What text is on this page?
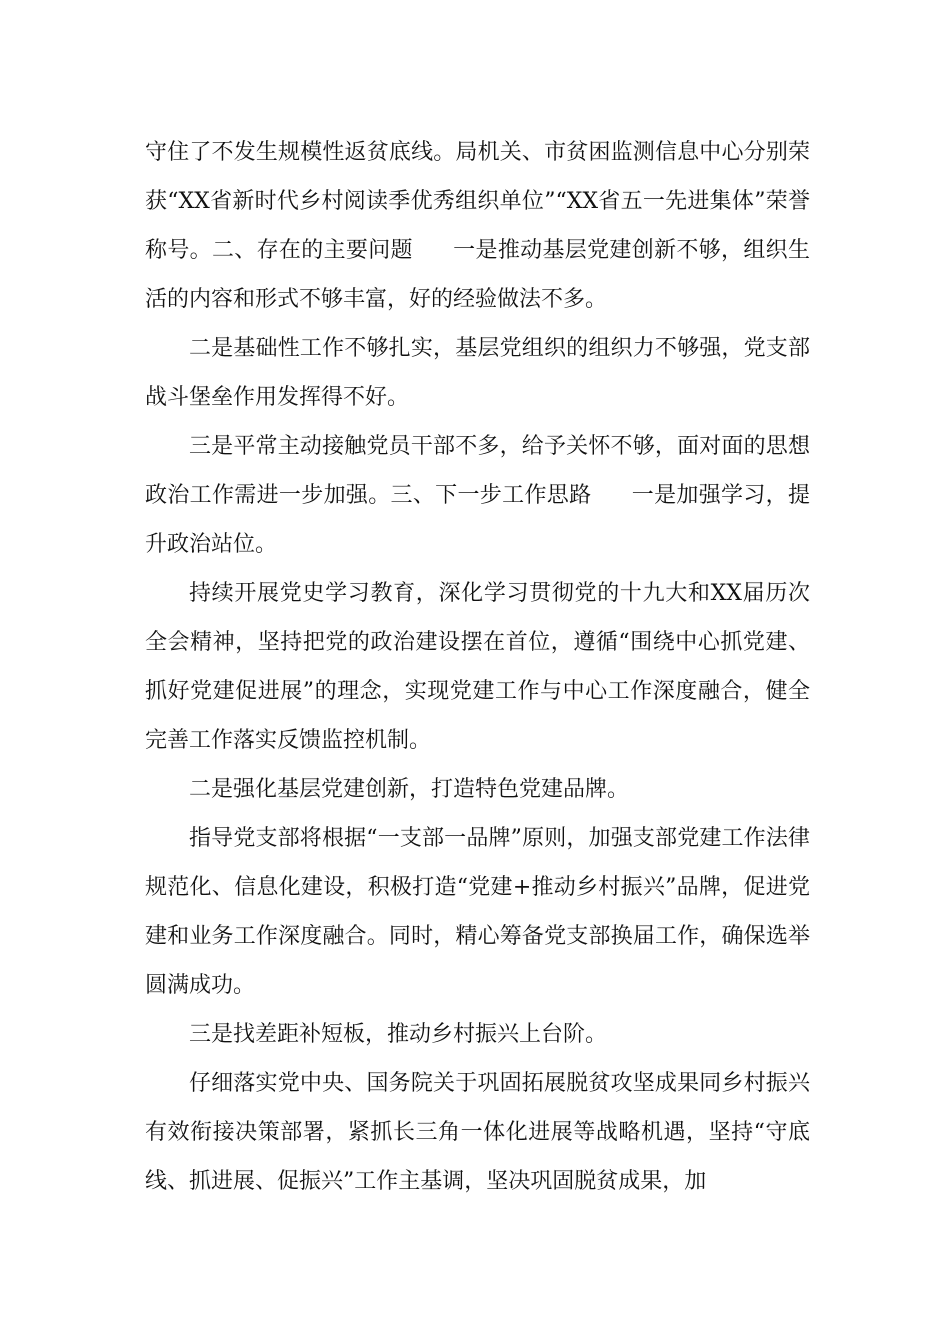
守住了不发生规模性返贫底线。局机关、市贫困监测信息中心分别荣获“XX省新时代乡村阅读季优秀组织单位”“XX省五一先进集体”荣誉称号。二、存在的主要问题 一是推动基层党建创新不够，组织生活的内容和形式不够丰富，好的经验做法不多。

二是基础性工作不够扎实，基层党组织的组织力不够强，党支部战斗堡垒作用发挥得不好。

三是平常主动接触党员干部不多，给予关怀不够，面对面的思想政治工作需进一步加强。三、下一步工作思路 一是加强学习，提升政治站位。

持续开展党史学习教育，深化学习贯彻党的十九大和XX届历次全会精神，坚持把党的政治建设摆在首位，遵循“围绕中心抓党建、抓好党建促进展”的理念，实现党建工作与中心工作深度融合，健全完善工作落实反馈监控机制。

二是强化基层党建创新，打造特色党建品牌。

指导党支部将根据“一支部一品牌”原则，加强支部党建工作法律规范化、信息化建设，积极打造“党建+推动乡村振兴”品牌，促进党建和业务工作深度融合。同时，精心筹备党支部换届工作，确保选举圆满成功。

三是找差距补短板，推动乡村振兴上台阶。

仔细落实党中央、国务院关于巩固拓展脱贫攻坚成果同乡村振兴有效衔接决策部署，紧抓长三角一体化进展等战略机遇，坚持“守底线、抓进展、促振兴”工作主基调，坚决巩固脱贫成果，加
